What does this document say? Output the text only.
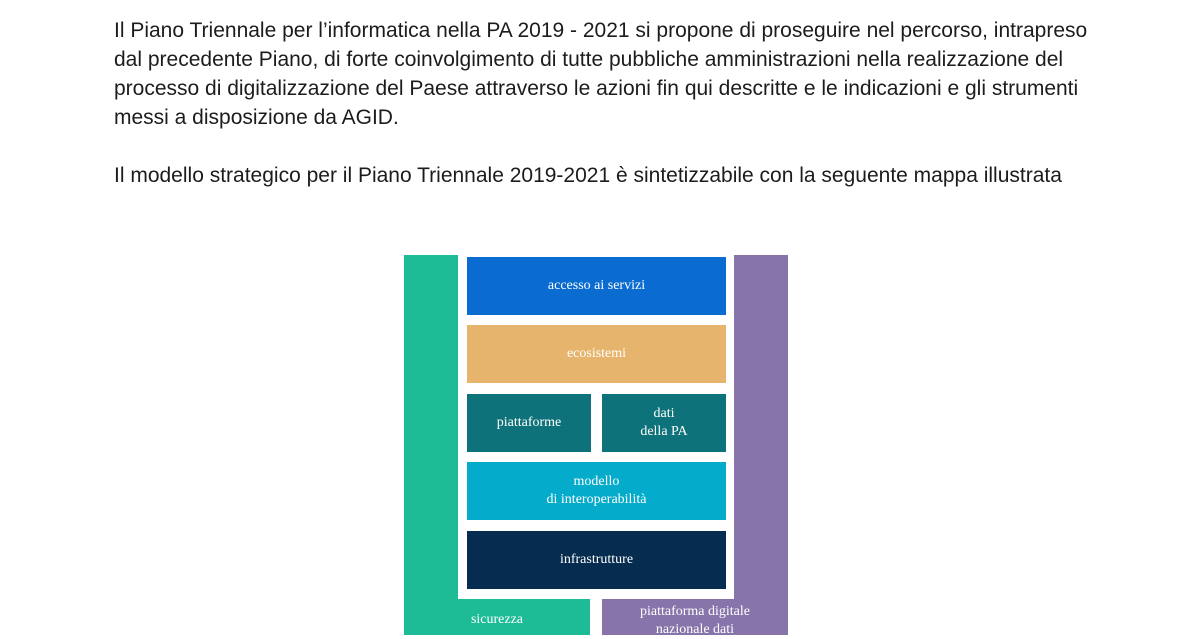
Il Piano Triennale per l’informatica nella PA 2019 - 2021 si propone di proseguire nel percorso, intrapreso dal precedente Piano, di forte coinvolgimento di tutte pubbliche amministrazioni nella realizzazione del processo di digitalizzazione del Paese attraverso le azioni fin qui descritte e le indicazioni e gli strumenti messi a disposizione da AGID.

Il modello strategico per il Piano Triennale 2019-2021 è sintetizzabile con la seguente mappa illustrata

accesso ai servizi
ecosistemi
piattaforme
dati
della PA
modello
di interoperabilità
infrastrutture
sicurezza
piattaforma digitale
nazionale dati
